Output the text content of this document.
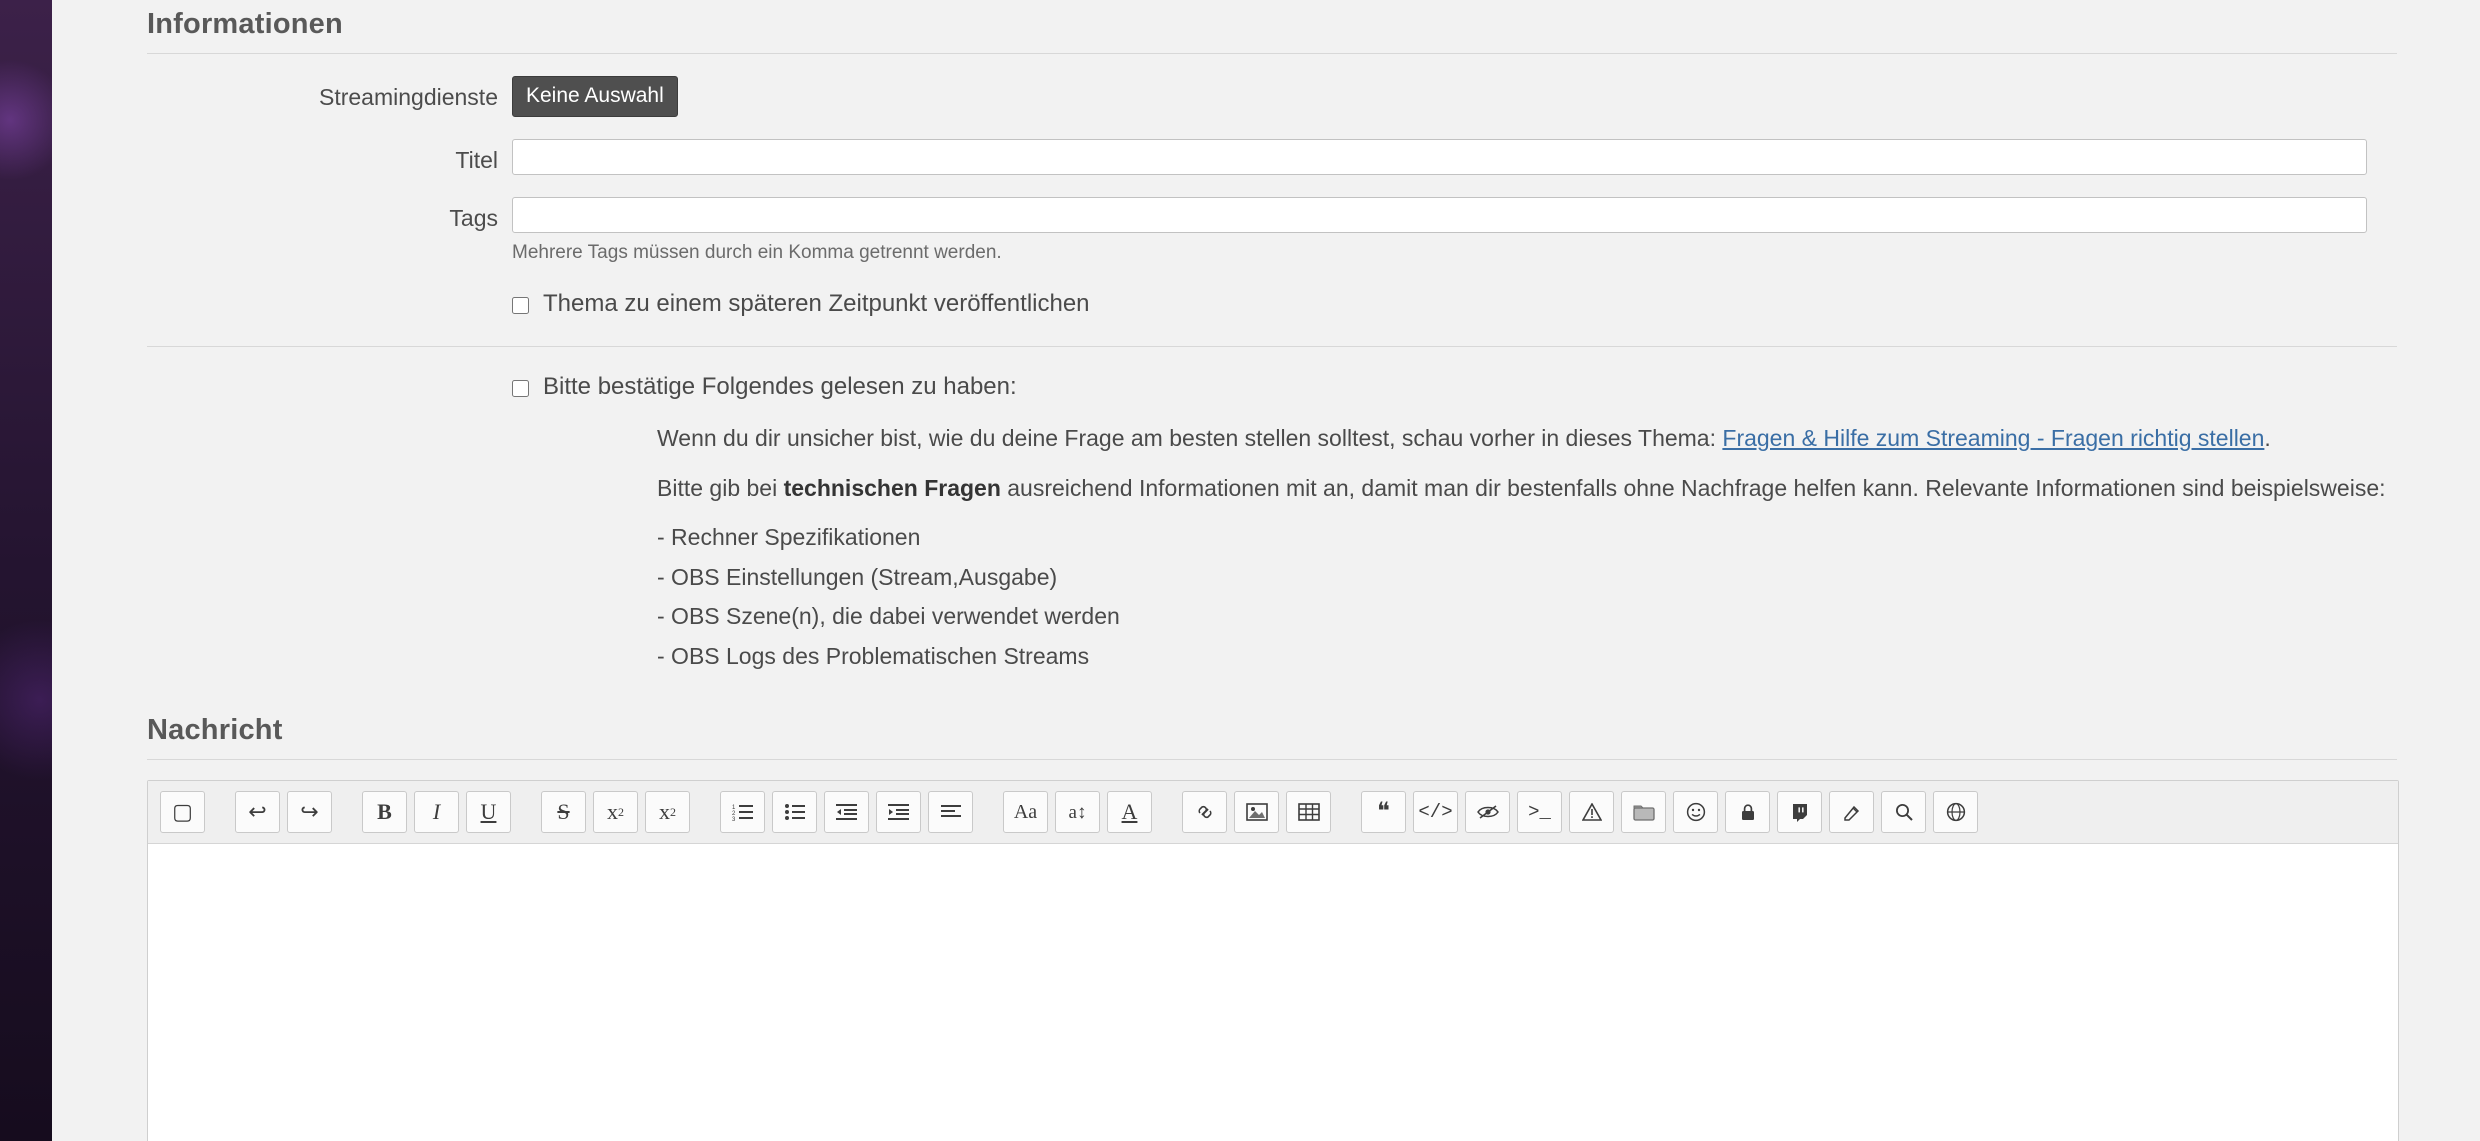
Informationen
Streamingdienste	Keine Auswahl
Titel
Tags
Mehrere Tags müssen durch ein Komma getrennt werden.
Thema zu einem späteren Zeitpunkt veröffentlichen
Bitte bestätige Folgendes gelesen zu haben:

Wenn du dir unsicher bist, wie du deine Frage am besten stellen solltest, schau vorher in dieses Thema: Fragen & Hilfe zum Streaming - Fragen richtig stellen.

Bitte gib bei technischen Fragen ausreichend Informationen mit an, damit man dir bestenfalls ohne Nachfrage helfen kann. Relevante Informationen sind beispielsweise:

- Rechner Spezifikationen
- OBS Einstellungen (Stream,Ausgabe)
- OBS Szene(n), die dabei verwendet werden
- OBS Logs des Problematischen Streams
Nachricht
▢	↩	↪	B I	U	S	x 2	x 2	1
2
3	Aa	a↕	A	❝	</>	>_
